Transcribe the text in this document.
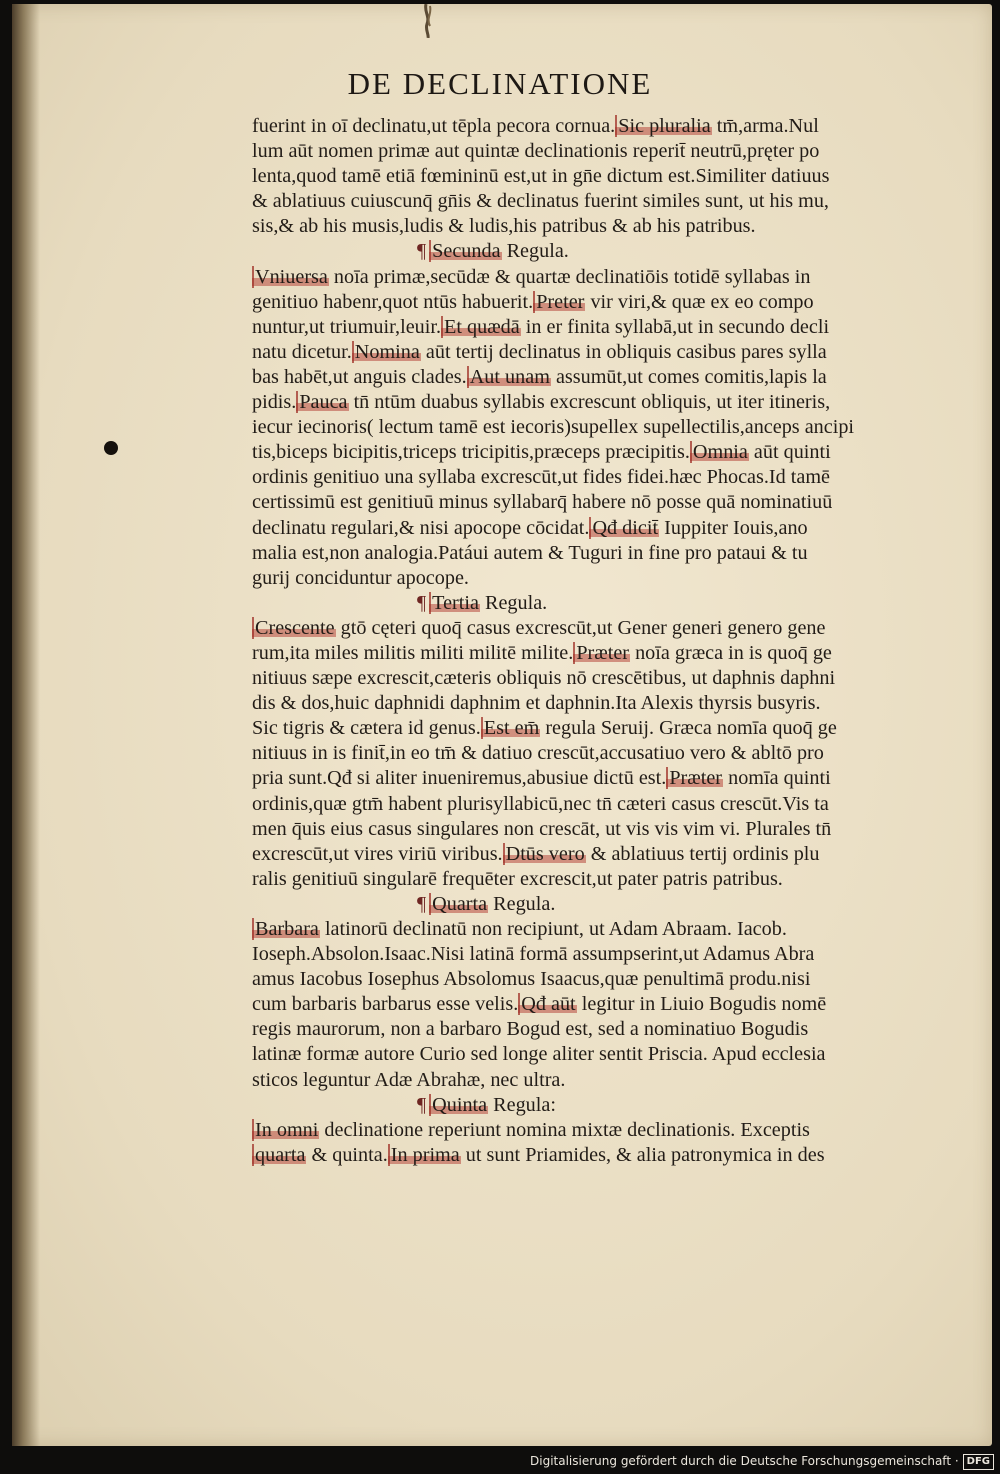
DE DECLINATIONE
fuerint in oī declinatu,ut tēpla pecora cornua. Sic pluralia tm̄,arma.Nul
lum aūt nomen primæ aut quintæ declinationis reperit̄ neutrū,pręter po
lenta,quod tamē etiā fœmininū est,ut in gn̄e dictum est.Similiter datiuus
& ablatiuus cuiuscunq̄ gn̄is & declinatus fuerint similes sunt, ut his mu,
sis,& ab his musis,ludis & ludis,his patribus & ab his patribus.
¶ Secunda Regula.
Vniuersa noīa primæ,secūdæ & quartæ declinatiōis totidē syllabas in
genitiuo habenr,quot ntūs habuerit. Preter vir viri,& quæ ex eo compo
nuntur,ut triumuir,leuir. Et quædā in er finita syllabā,ut in secundo decli
natu dicetur. Nomina aūt tertij declinatus in obliquis casibus pares sylla
bas habēt,ut anguis clades. Aut unam assumūt,ut comes comitis,lapis la
pidis. Pauca tn̄ ntūm duabus syllabis excrescunt obliquis, ut iter itineris,
iecur iecinoris( lectum tamē est iecoris)supellex supellectilis,anceps ancipi
tis,biceps bicipitis,triceps tricipitis,præceps præcipitis. Omnia aūt quinti
ordinis genitiuo una syllaba excrescūt,ut fides fidei.hæc Phocas.Id tamē
certissimū est genitiuū minus syllabarq̄ habere nō posse quā nominatiuū
declinatu regulari,& nisi apocope cōcidat. Qđ dicit̄ Iuppiter Iouis,ano
malia est,non analogia.Patáui autem & Tuguri in fine pro pataui & tu
gurij conciduntur apocope.
¶ Tertia Regula.
Crescente gtō cęteri quoq̄ casus excrescūt,ut Gener generi genero gene
rum,ita miles militis militi militē milite. Præter noīa græca in is quoq̄ ge
nitiuus sæpe excrescit,cæteris obliquis nō crescētibus, ut daphnis daphni
dis & dos,huic daphnidi daphnim et daphnin.Ita Alexis thyrsis busyris.
Sic tigris & cætera id genus. Est em̄ regula Seruij. Græca nomīa quoq̄ ge
nitiuus in is finit̄,in eo tm̄ & datiuo crescūt,accusatiuo vero & abltō pro
pria sunt.Qđ si aliter inueniremus,abusiue dictū est. Præter nomīa quinti
ordinis,quæ gtm̄ habent plurisyllabicū,nec tn̄ cæteri casus crescūt.Vis ta
men q̄uis eius casus singulares non crescāt, ut vis vis vim vi. Plurales tn̄
excrescūt,ut vires viriū viribus. Dtūs vero & ablatiuus tertij ordinis plu
ralis genitiuū singularē frequēter excrescit,ut pater patris patribus.
¶ Quarta Regula.
Barbara latinorū declinatū non recipiunt, ut Adam Abraam. Iacob.
Ioseph.Absolon.Isaac.Nisi latinā formā assumpserint,ut Adamus Abra
amus Iacobus Iosephus Absolomus Isaacus,quæ penultimā produ.nisi
cum barbaris barbarus esse velis. Qđ aūt legitur in Liuio Bogudis nomē
regis maurorum, non a barbaro Bogud est, sed a nominatiuo Bogudis
latinæ formæ autore Curio sed longe aliter sentit Priscia. Apud ecclesia
sticos leguntur Adæ Abrahæ, nec ultra.
¶ Quinta Regula:
In omni declinatione reperiunt nomina mixtæ declinationis. Exceptis
quarta & quinta. In prima ut sunt Priamides, & alia patronymica in des
Digitalisierung gefördert durch die Deutsche Forschungsgemeinschaft · DFG
